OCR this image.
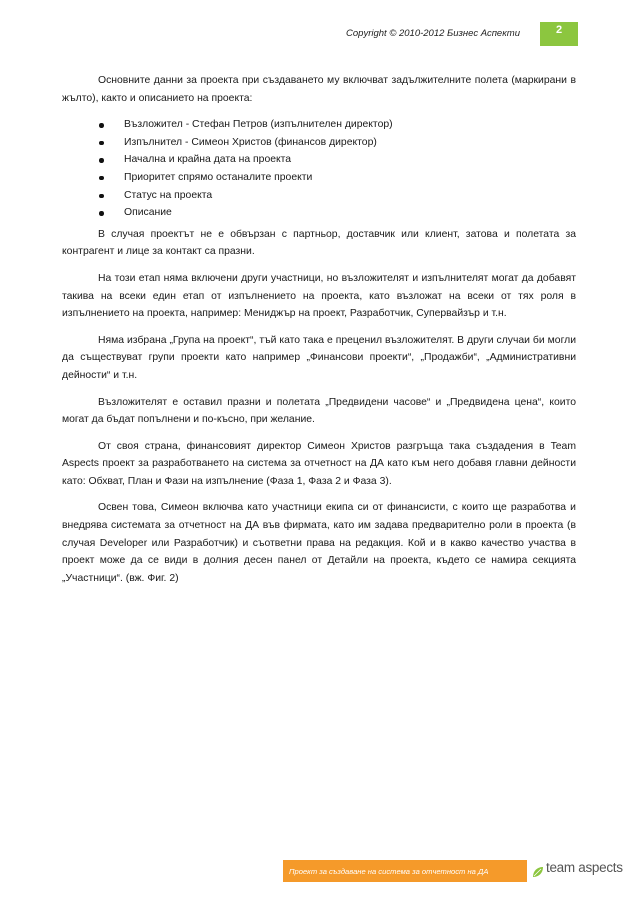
Copyright © 2010-2012 Бизнес Аспекти	2

Основните данни за проекта при създаването му включват задължителните полета (маркирани в жълто), както и описанието на проекта:

Възложител - Стефан Петров (изпълнителен директор)
Изпълнител - Симеон Христов (финансов директор)
Начална и крайна дата на проекта
Приоритет спрямо останалите проекти
Статус на проекта
Описание

В случая проектът не е обвързан с партньор, доставчик или клиент, затова и полетата за контрагент и лице за контакт са празни.

На този етап няма включени други участници, но възложителят и изпълнителят могат да добавят такива на всеки един етап от изпълнението на проекта, като възложат на всеки от тях роля в изпълнението на проекта, например: Мениджър на проект, Разработчик, Супервайзър и т.н.

Няма избрана „Група на проект“, тъй като така е преценил възложителят. В други случаи би могли да съществуват групи проекти като например „Финансови проекти“, „Продажби“, „Административни дейности“ и т.н.

Възложителят е оставил празни и полетата „Предвидени часове“ и „Предвидена цена“, които могат да бъдат попълнени и по-късно, при желание.

От своя страна, финансовият директор Симеон Христов разгръща така създадения в Team Aspects проект за разработването на система за отчетност на ДА като към него добавя главни дейности като: Обхват, План и Фази на изпълнение (Фаза 1, Фаза 2 и Фаза 3).

Освен това, Симеон включва като участници екипа си от финансисти, с които ще разработва и внедрява системата за отчетност на ДА във фирмата, като им задава предварително роли в проекта (в случая Developer или Разработчик) и съответни права на редакция. Кой и в какво качество участва в проект може да се види в долния десен панел от Детайли на проекта, където се намира секцията „Участници“. (вж. Фиг. 2)

Проект за създаване на система за отчетност на ДА	team aspects
